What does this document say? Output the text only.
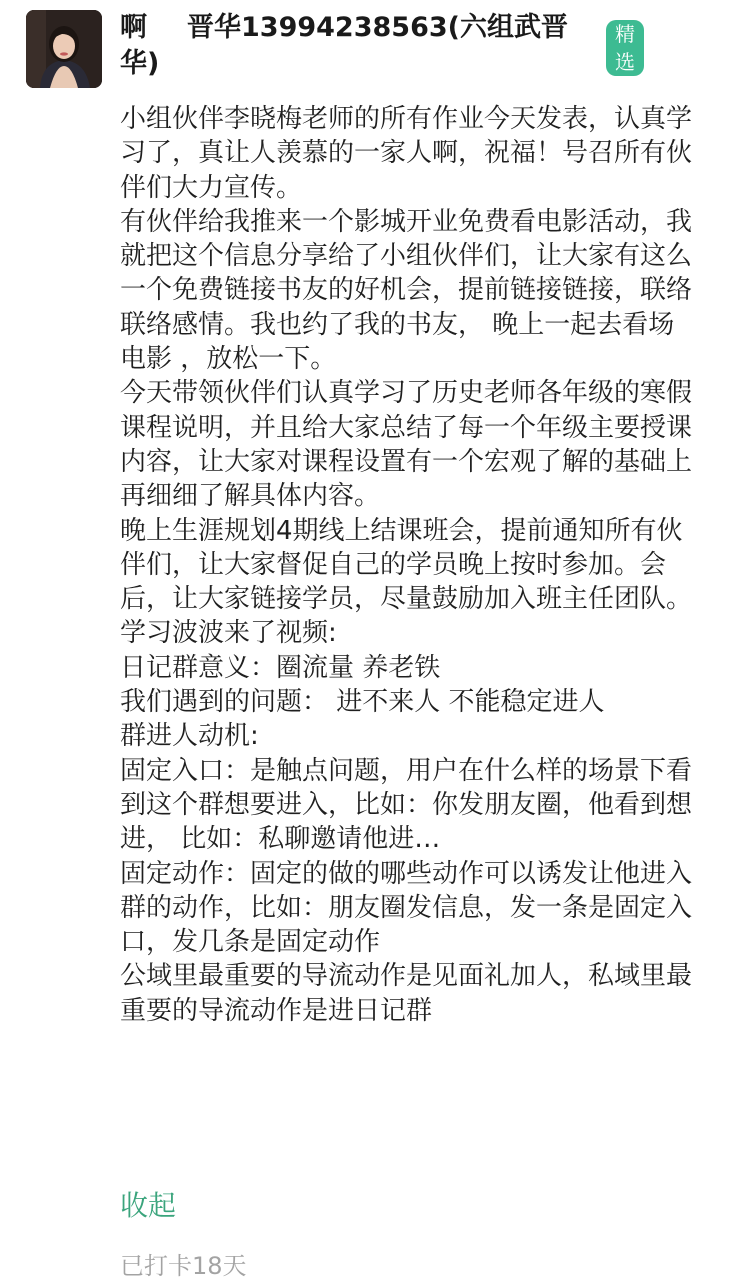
啊 晋华13994238563(六组武晋华)
精选

小组伙伴李晓梅老师的所有作业今天发表，认真学习了，真让人羡慕的一家人啊，祝福！号召所有伙伴们大力宣传。

有伙伴给我推来一个影城开业免费看电影活动，我就把这个信息分享给了小组伙伴们，让大家有这么一个免费链接书友的好机会，提前链接链接，联络联络感情。我也约了我的书友， 晚上一起去看场电影 ，放松一下。

今天带领伙伴们认真学习了历史老师各年级的寒假课程说明，并且给大家总结了每一个年级主要授课内容，让大家对课程设置有一个宏观了解的基础上再细细了解具体内容。

晚上生涯规划4期线上结课班会，提前通知所有伙伴们，让大家督促自己的学员晚上按时参加。会后，让大家链接学员，尽量鼓励加入班主任团队。

学习波波来了视频:

日记群意义：圈流量 养老铁

我们遇到的问题： 进不来人 不能稳定进人

群进人动机:

固定入口：是触点问题，用户在什么样的场景下看到这个群想要进入，比如：你发朋友圈，他看到想进， 比如：私聊邀请他进…

固定动作：固定的做的哪些动作可以诱发让他进入群的动作，比如：朋友圈发信息，发一条是固定入口，发几条是固定动作

公域里最重要的导流动作是见面礼加人，私域里最重要的导流动作是进日记群

收起
已打卡18天
